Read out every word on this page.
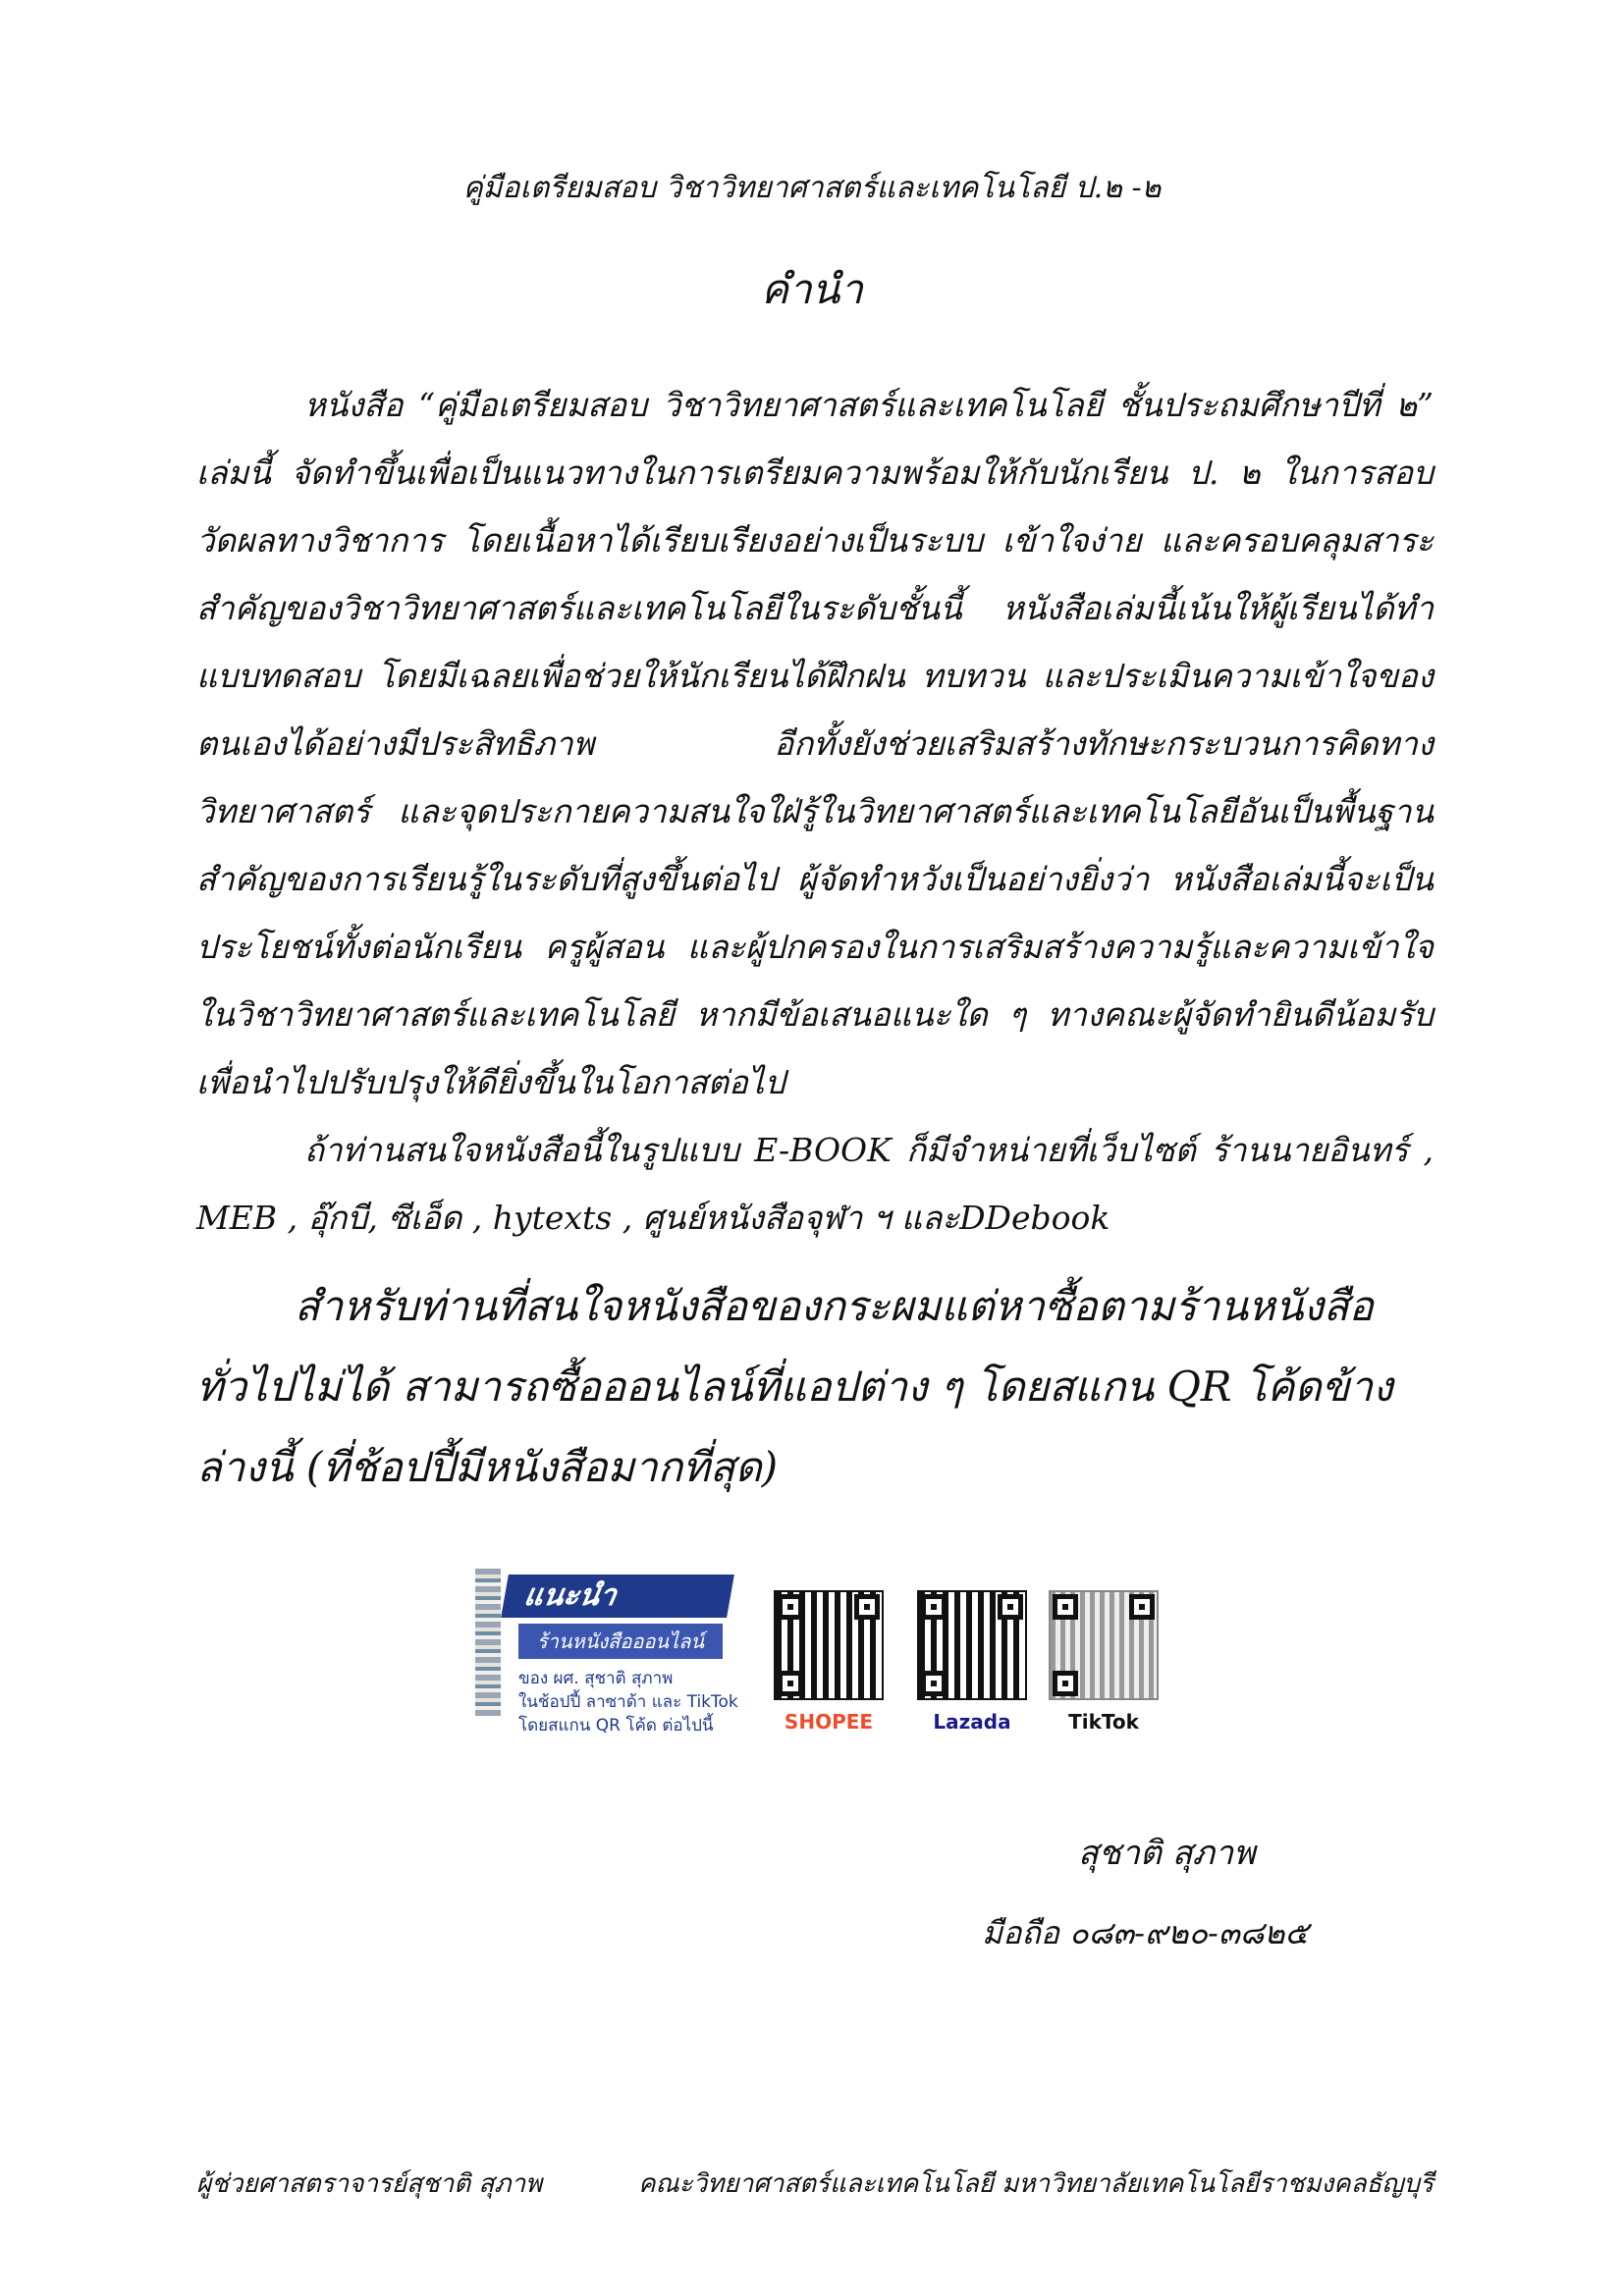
คู่มือเตรียมสอบ วิชาวิทยาศาสตร์และเทคโนโลยี ป.๒ -๒
คำนำ

หนังสือ “คู่มือเตรียมสอบ วิชาวิทยาศาสตร์และเทคโนโลยี ชั้นประถมศึกษาปีที่ ๒” เล่มนี้ จัดทำขึ้นเพื่อเป็นแนวทางในการเตรียมความพร้อมให้กับนักเรียน ป. ๒ ในการสอบวัดผลทางวิชาการ โดยเนื้อหาได้เรียบเรียงอย่างเป็นระบบ เข้าใจง่าย และครอบคลุมสาระสำคัญของวิชาวิทยาศาสตร์และเทคโนโลยีในระดับชั้นนี้ หนังสือเล่มนี้เน้นให้ผู้เรียนได้ทำแบบทดสอบ โดยมีเฉลยเพื่อช่วยให้นักเรียนได้ฝึกฝน ทบทวน และประเมินความเข้าใจของตนเองได้อย่างมีประสิทธิภาพ อีกทั้งยังช่วยเสริมสร้างทักษะกระบวนการคิดทางวิทยาศาสตร์ และจุดประกายความสนใจใฝ่รู้ในวิทยาศาสตร์และเทคโนโลยีอันเป็นพื้นฐานสำคัญของการเรียนรู้ในระดับที่สูงขึ้นต่อไป ผู้จัดทำหวังเป็นอย่างยิ่งว่า หนังสือเล่มนี้จะเป็นประโยชน์ทั้งต่อนักเรียน ครูผู้สอน และผู้ปกครองในการเสริมสร้างความรู้และความเข้าใจในวิชาวิทยาศาสตร์และเทคโนโลยี หากมีข้อเสนอแนะใด ๆ ทางคณะผู้จัดทำยินดีน้อมรับเพื่อนำไปปรับปรุงให้ดียิ่งขึ้นในโอกาสต่อไป

ถ้าท่านสนใจหนังสือนี้ในรูปแบบ E-BOOK ก็มีจำหน่ายที่เว็บไซต์ ร้านนายอินทร์ , MEB , อุ๊กบี, ซีเอ็ด , hytexts , ศูนย์หนังสือจุฬา ฯ และDDebook

สำหรับท่านที่สนใจหนังสือของกระผมแต่หาซื้อตามร้านหนังสือทั่วไปไม่ได้ สามารถซื้อออนไลน์ที่แอปต่าง ๆ โดยสแกน QR โค้ดข้างล่างนี้ (ที่ช้อปปี้มีหนังสือมากที่สุด)

แนะนำ
ร้านหนังสือออนไลน์
ของ ผศ. สุชาติ สุภาพ
ในช้อปปี้ ลาซาด้า และ TikTok
โดยสแกน QR โค้ด ต่อไปนี้	SHOPEE	Lazada	TikTok
สุชาติ สุภาพ
มือถือ ๐๘๓-๙๒๐-๓๘๒๕
ผู้ช่วยศาสตราจารย์สุชาติ สุภาพ	คณะวิทยาศาสตร์และเทคโนโลยี มหาวิทยาลัยเทคโนโลยีราชมงคลธัญบุรี
